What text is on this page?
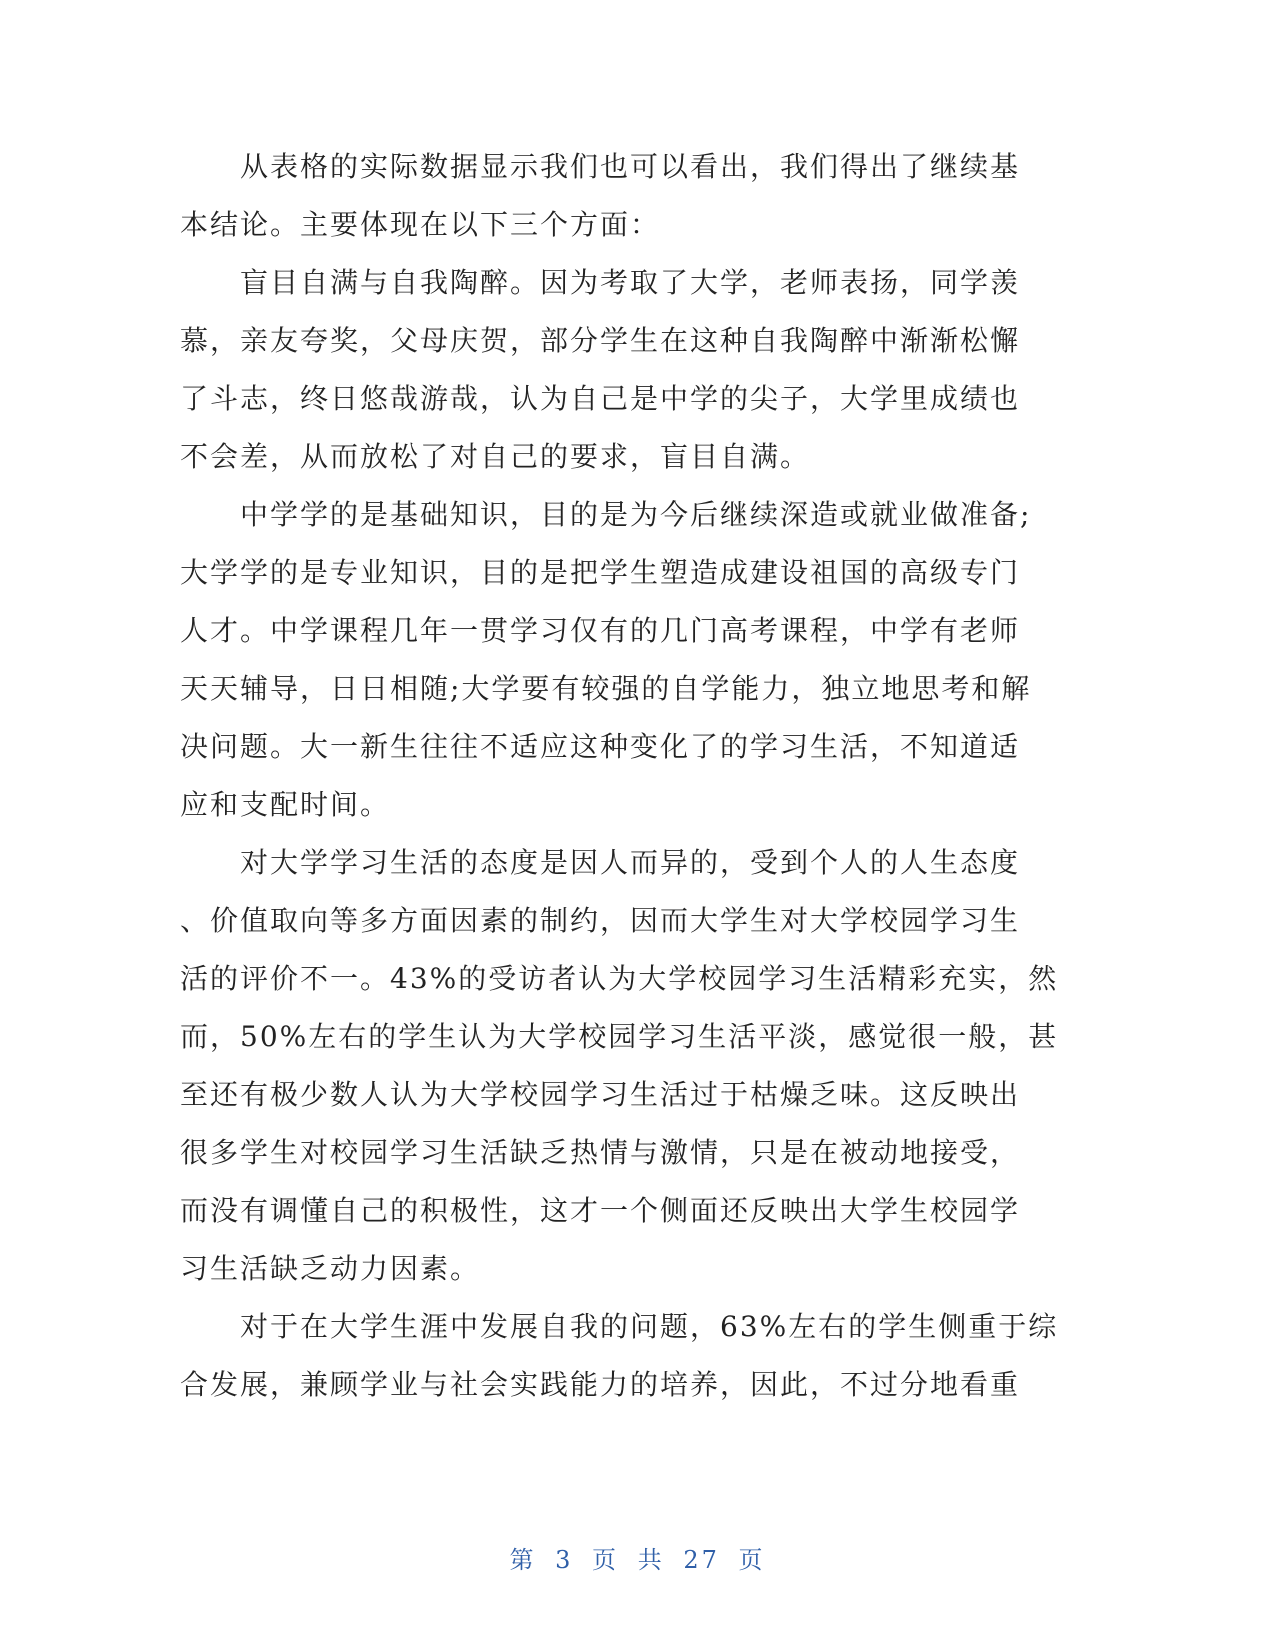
从表格的实际数据显示我们也可以看出，我们得出了继续基
本结论。主要体现在以下三个方面：
盲目自满与自我陶醉。因为考取了大学，老师表扬，同学羡
慕，亲友夸奖，父母庆贺，部分学生在这种自我陶醉中渐渐松懈
了斗志，终日悠哉游哉，认为自己是中学的尖子，大学里成绩也
不会差，从而放松了对自己的要求，盲目自满。
中学学的是基础知识，目的是为今后继续深造或就业做准备;
大学学的是专业知识，目的是把学生塑造成建设祖国的高级专门
人才。中学课程几年一贯学习仅有的几门高考课程，中学有老师
天天辅导，日日相随;大学要有较强的自学能力，独立地思考和解
决问题。大一新生往往不适应这种变化了的学习生活，不知道适
应和支配时间。
对大学学习生活的态度是因人而异的，受到个人的人生态度
、价值取向等多方面因素的制约，因而大学生对大学校园学习生
活的评价不一。43%的受访者认为大学校园学习生活精彩充实，然
而，50%左右的学生认为大学校园学习生活平淡，感觉很一般，甚
至还有极少数人认为大学校园学习生活过于枯燥乏味。这反映出
很多学生对校园学习生活缺乏热情与激情，只是在被动地接受，
而没有调懂自己的积极性，这才一个侧面还反映出大学生校园学
习生活缺乏动力因素。
对于在大学生涯中发展自我的问题，63%左右的学生侧重于综
合发展，兼顾学业与社会实践能力的培养，因此，不过分地看重
第 3 页 共 27 页
